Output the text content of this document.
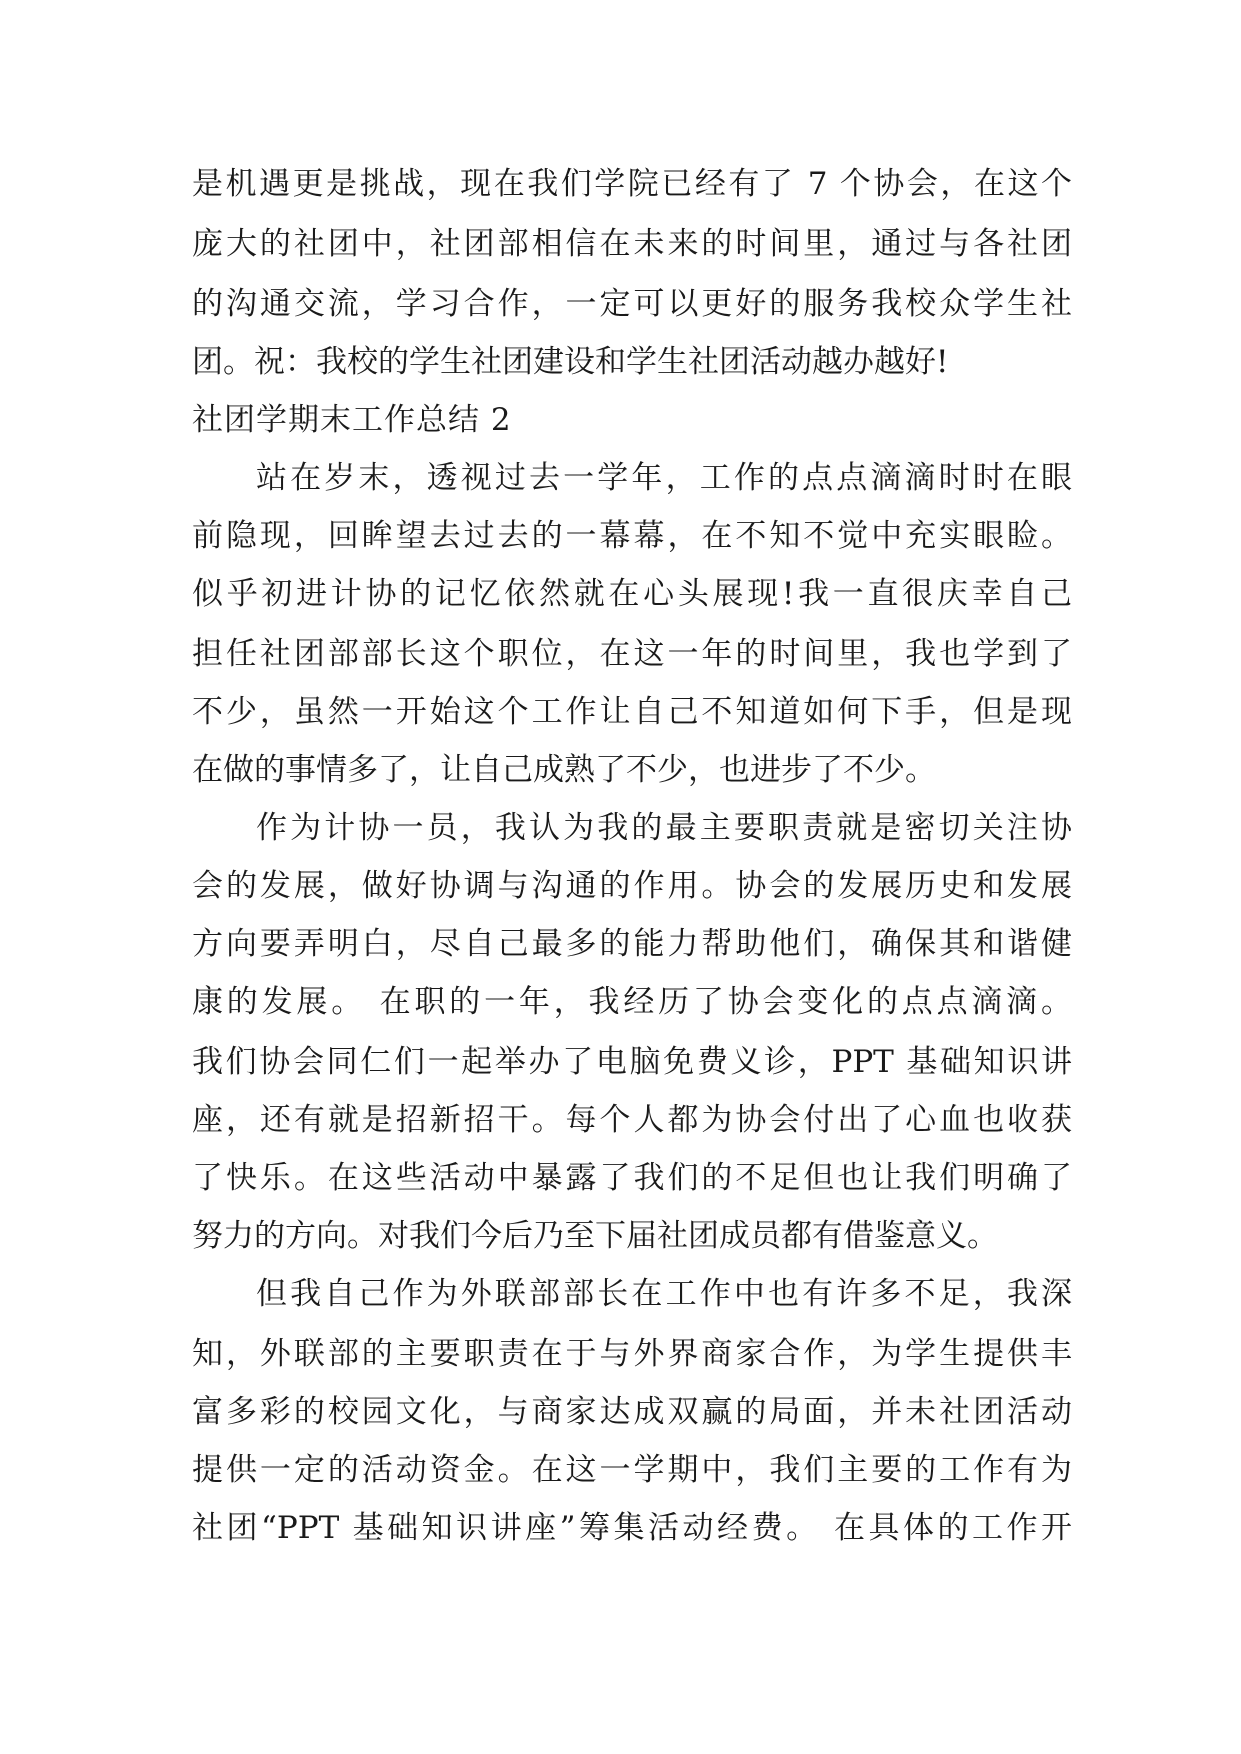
是机遇更是挑战，现在我们学院已经有了 7 个协会，在这个
庞大的社团中，社团部相信在未来的时间里，通过与各社团
的沟通交流，学习合作，一定可以更好的服务我校众学生社
团。祝：我校的学生社团建设和学生社团活动越办越好!
社团学期末工作总结 2
站在岁末，透视过去一学年，工作的点点滴滴时时在眼
前隐现，回眸望去过去的一幕幕，在不知不觉中充实眼睑。
似乎初进计协的记忆依然就在心头展现!我一直很庆幸自己
担任社团部部长这个职位，在这一年的时间里，我也学到了
不少，虽然一开始这个工作让自己不知道如何下手，但是现
在做的事情多了，让自己成熟了不少，也进步了不少。
作为计协一员，我认为我的最主要职责就是密切关注协
会的发展，做好协调与沟通的作用。协会的发展历史和发展
方向要弄明白，尽自己最多的能力帮助他们，确保其和谐健
康的发展。 在职的一年，我经历了协会变化的点点滴滴。
我们协会同仁们一起举办了电脑免费义诊，PPT 基础知识讲
座，还有就是招新招干。每个人都为协会付出了心血也收获
了快乐。在这些活动中暴露了我们的不足但也让我们明确了
努力的方向。对我们今后乃至下届社团成员都有借鉴意义。
但我自己作为外联部部长在工作中也有许多不足，我深
知，外联部的主要职责在于与外界商家合作，为学生提供丰
富多彩的校园文化，与商家达成双赢的局面，并未社团活动
提供一定的活动资金。在这一学期中，我们主要的工作有为
社团“PPT 基础知识讲座”筹集活动经费。 在具体的工作开
